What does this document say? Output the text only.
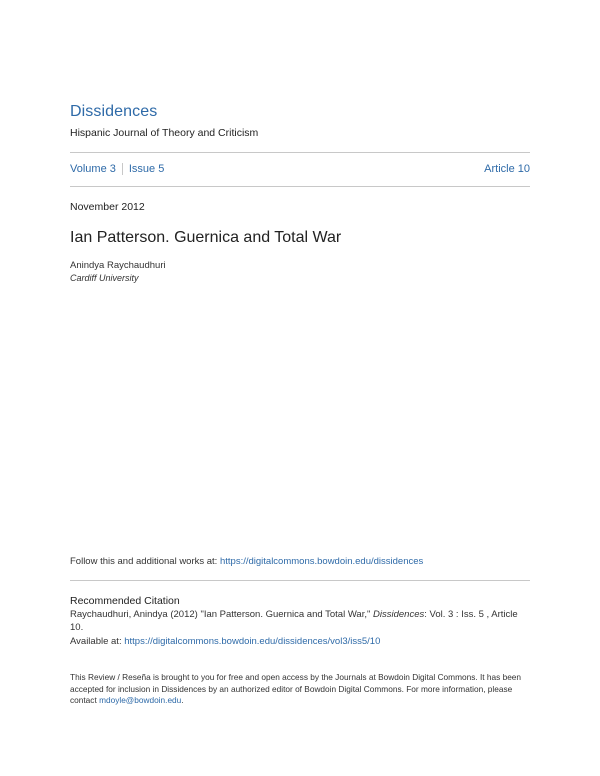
Dissidences
Hispanic Journal of Theory and Criticism
Volume 3 Issue 5	Article 10
November 2012
Ian Patterson. Guernica and Total War
Anindya Raychaudhuri
Cardiff University
Follow this and additional works at: https://digitalcommons.bowdoin.edu/dissidences
Recommended Citation
Raychaudhuri, Anindya (2012) "Ian Patterson. Guernica and Total War," Dissidences: Vol. 3 : Iss. 5 , Article 10.
Available at: https://digitalcommons.bowdoin.edu/dissidences/vol3/iss5/10
This Review / Reseña is brought to you for free and open access by the Journals at Bowdoin Digital Commons. It has been accepted for inclusion in Dissidences by an authorized editor of Bowdoin Digital Commons. For more information, please contact mdoyle@bowdoin.edu.
